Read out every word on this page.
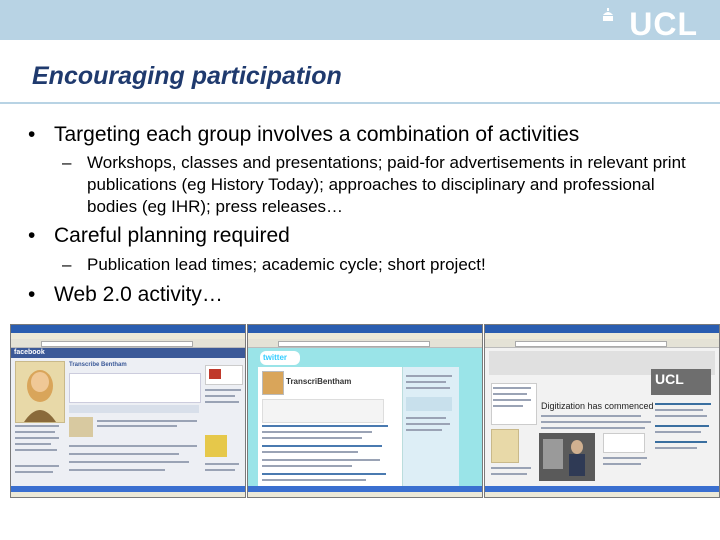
UCL
Encouraging participation
• Targeting each group involves a combination of activities
– Workshops, classes and presentations; paid-for advertisements in relevant print publications (eg History Today); approaches to disciplinary and professional bodies (eg IHR); press releases…
• Careful planning required
– Publication lead times; academic cycle; short project!
• Web 2.0 activity…
facebook
Transcribe Bentham
twitter
TranscriBentham	UCL
Digitization has commenced
